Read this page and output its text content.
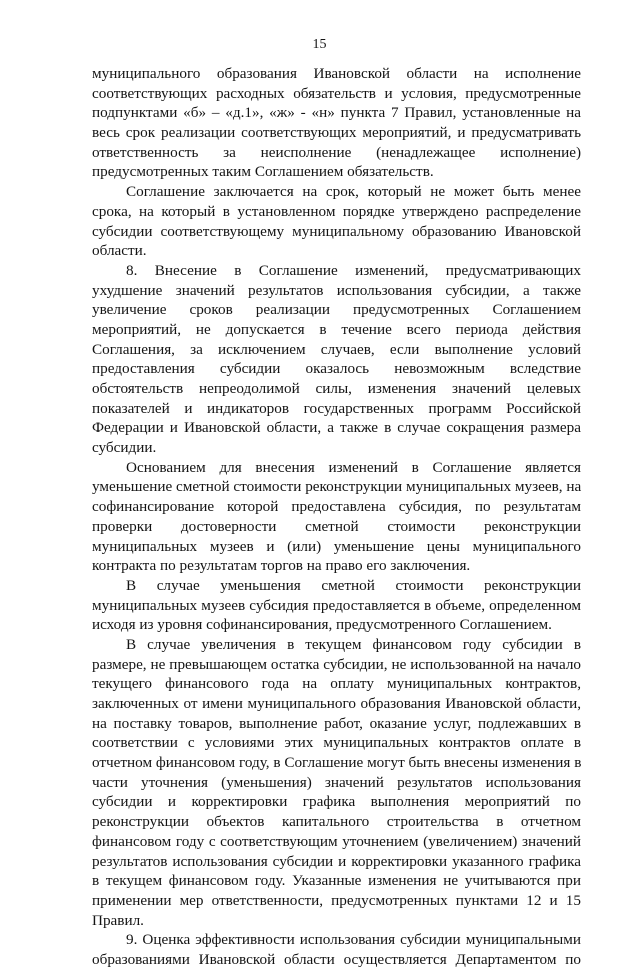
15
муниципального образования Ивановской области на исполнение
соответствующих расходных обязательств и условия, предусмотренные
подпунктами «б» – «д.1», «ж» - «н» пункта 7 Правил, установленные на
весь срок реализации соответствующих мероприятий, и предусматривать
ответственность за неисполнение (ненадлежащее исполнение)
предусмотренных таким Соглашением обязательств.
Соглашение заключается на срок, который не может быть менее
срока, на который в установленном порядке утверждено распределение
субсидии соответствующему муниципальному образованию Ивановской
области.
8. Внесение в Соглашение изменений, предусматривающих
ухудшение значений результатов использования субсидии, а также
увеличение сроков реализации предусмотренных Соглашением
мероприятий, не допускается в течение всего периода действия
Соглашения, за исключением случаев, если выполнение условий
предоставления субсидии оказалось невозможным вследствие
обстоятельств непреодолимой силы, изменения значений целевых
показателей и индикаторов государственных программ Российской
Федерации и Ивановской области, а также в случае сокращения размера
субсидии.
Основанием для внесения изменений в Соглашение является
уменьшение сметной стоимости реконструкции муниципальных музеев, на
софинансирование которой предоставлена субсидия, по результатам
проверки достоверности сметной стоимости реконструкции
муниципальных музеев и (или) уменьшение цены муниципального
контракта по результатам торгов на право его заключения.
В случае уменьшения сметной стоимости реконструкции
муниципальных музеев субсидия предоставляется в объеме, определенном
исходя из уровня софинансирования, предусмотренного Соглашением.
В случае увеличения в текущем финансовом году субсидии в
размере, не превышающем остатка субсидии, не использованной на начало
текущего финансового года на оплату муниципальных контрактов,
заключенных от имени муниципального образования Ивановской области,
на поставку товаров, выполнение работ, оказание услуг, подлежавших в
соответствии с условиями этих муниципальных контрактов оплате в
отчетном финансовом году, в Соглашение могут быть внесены изменения в
части уточнения (уменьшения) значений результатов использования
субсидии и корректировки графика выполнения мероприятий по
реконструкции объектов капитального строительства в отчетном
финансовом году с соответствующим уточнением (увеличением) значений
результатов использования субсидии и корректировки указанного графика
в текущем финансовом году. Указанные изменения не учитываются при
применении мер ответственности, предусмотренных пунктами 12 и 15
Правил.
9. Оценка эффективности использования субсидии муниципальными
образованиями Ивановской области осуществляется Департаментом по
